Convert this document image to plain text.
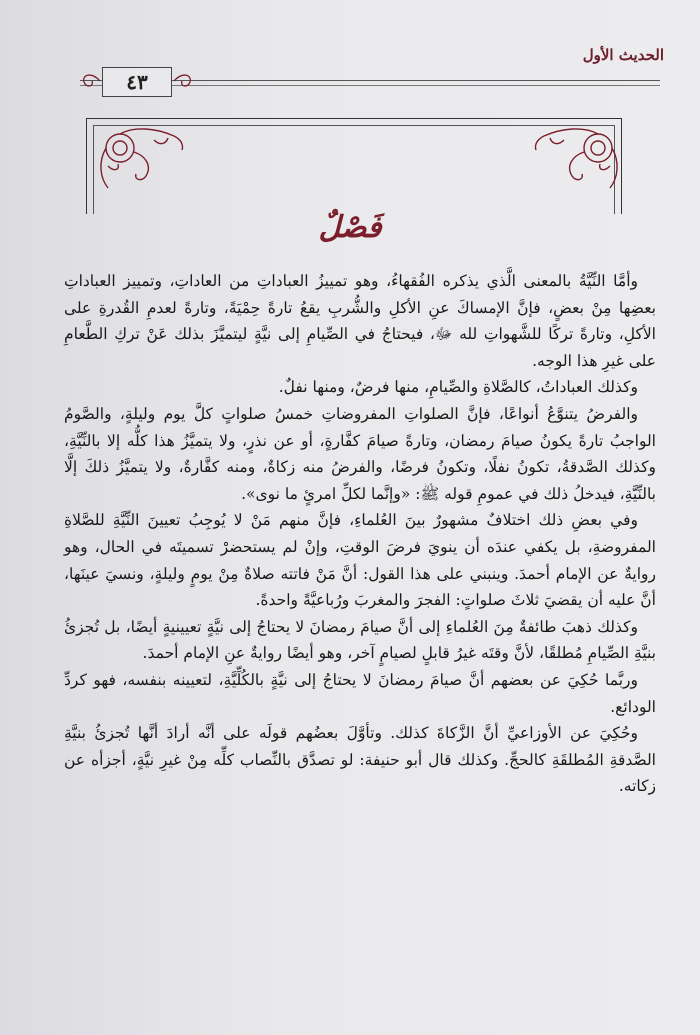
الحديث الأول
٤٣
فَصْلٌ

وأمَّا النِّيَّةُ بالمعنى الَّذي يذكره الفُقهاءُ، وهو تمييزُ العباداتِ من العاداتِ، وتمييز العباداتِ بعضِها مِنْ بعضٍ، فإنَّ الإمساكَ عنِ الأكلِ والشُّربِ يقعُ تارةً حِمْيَةً، وتارةً لعدمِ القُدرةِ على الأكلِ، وتارةً تركًا للشَّهواتِ لله ﷻ، فيحتاجُ في الصِّيامِ إلى نيَّةٍ ليتميَّزَ بذلك عَنْ تركِ الطَّعامِ على غيرِ هذا الوجه.

وكذلك العباداتُ، كالصَّلاةِ والصِّيامِ، منها فرضٌ، ومنها نفلٌ.

والفرضُ يتنوَّعُ أنواعًا، فإنَّ الصلواتِ المفروضاتِ خمسُ صلواتٍ كلَّ يوم وليلةٍ، والصَّومُ الواجبُ تارةً يكونُ صيامَ رمضان، وتارةً صيامَ كفَّارةٍ، أو عن نذرٍ، ولا يتميَّزُ هذا كلُّه إلا بالنِّيَّةِ، وكذلك الصَّدقةُ، تكونُ نفلًا، وتكونُ فرضًا، والفرضُ منه زكاةٌ، ومنه كفَّارةٌ، ولا يتميَّزُ ذلكَ إلَّا بالنِّيَّةِ، فيدخلُ ذلك في عمومِ قوله ﷺ: «وإنَّما لكلِّ امرئٍ ما نوى».

وفي بعضِ ذلك اختلافٌ مشهورٌ بينَ العُلماءِ، فإنَّ منهم مَنْ لا يُوجِبُ تعيينَ النِّيَّةِ للصَّلاةِ المفروضةِ، بل يكفي عندَه أن ينويَ فرضَ الوقتِ، وإنْ لم يستحضرْ تسميتَه في الحال، وهو روايةٌ عن الإمام أحمدَ. وينبني على هذا القول: أنَّ مَنْ فاتته صلاةٌ مِنْ يومٍ وليلةٍ، ونسيَ عينَها، أنَّ عليه أن يقضيَ ثلاثَ صلواتٍ: الفجرَ والمغربَ ورُباعيَّةً واحدةً.

وكذلك ذهبَ طائفةٌ مِنَ العُلماءِ إلى أنَّ صيامَ رمضانَ لا يحتاجُ إلى نيَّةٍ تعيينيةٍ أيضًا، بل تُجزئُ بنيَّةِ الصِّيامِ مُطلقًا، لأنَّ وقتَه غيرُ قابلٍ لصيامٍ آخر، وهو أيضًا روايةٌ عنِ الإمام أحمدَ.

وربَّما حُكِيَ عن بعضهم أنَّ صيامَ رمضانَ لا يحتاجُ إلى نيَّةٍ بالكُلِّيَّةِ، لتعيينه بنفسه، فهو كردِّ الودائع.

وحُكِيَ عن الأوزاعيِّ أنَّ الزَّكاةَ كذلك. وتأوَّلَ بعضُهم قولَه على أنَّه أرادَ أنَّها تُجزئُ بنيَّةِ الصَّدقةِ المُطلقَةِ كالحجِّ. وكذلك قال أبو حنيفة: لو تصدَّق بالنِّصاب كلِّه مِنْ غيرِ نيَّةٍ، أجزأه عن زكاته.
